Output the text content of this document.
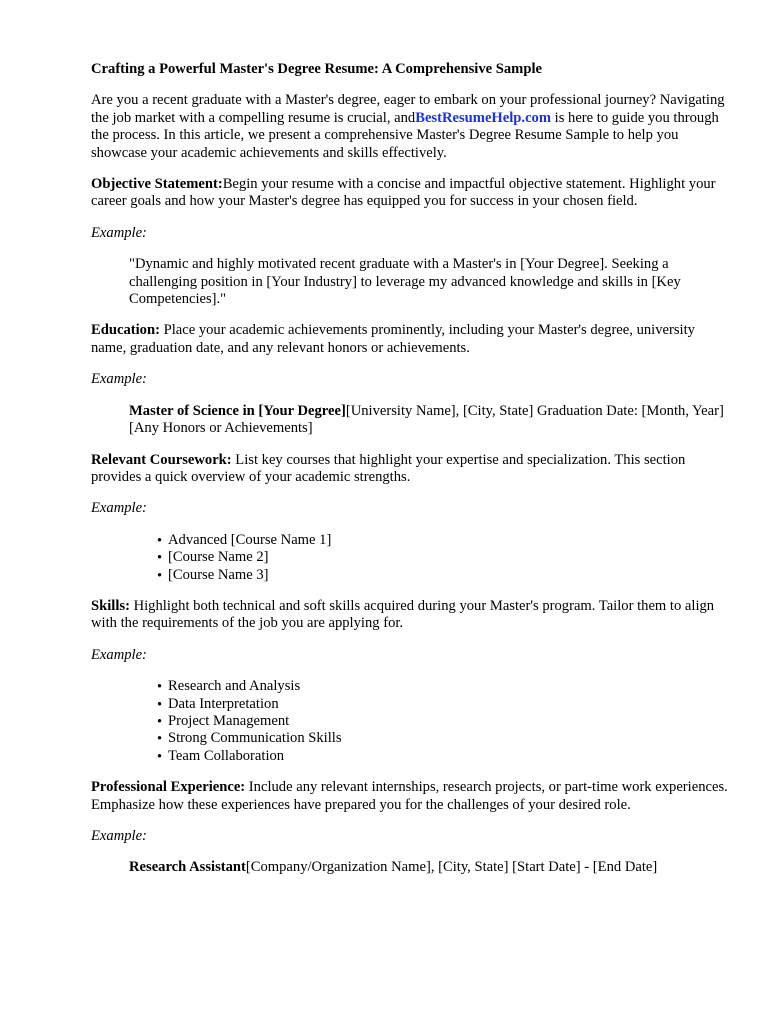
Crafting a Powerful Master's Degree Resume: A Comprehensive Sample

Are you a recent graduate with a Master's degree, eager to embark on your professional journey? Navigating the job market with a compelling resume is crucial, andBestResumeHelp.com is here to guide you through the process. In this article, we present a comprehensive Master's Degree Resume Sample to help you showcase your academic achievements and skills effectively.

Objective Statement:Begin your resume with a concise and impactful objective statement. Highlight your career goals and how your Master's degree has equipped you for success in your chosen field.

Example:
"Dynamic and highly motivated recent graduate with a Master's in [Your Degree]. Seeking a challenging position in [Your Industry] to leverage my advanced knowledge and skills in [Key Competencies]."

Education: Place your academic achievements prominently, including your Master's degree, university name, graduation date, and any relevant honors or achievements.

Example:
Master of Science in [Your Degree][University Name], [City, State] Graduation Date: [Month, Year] [Any Honors or Achievements]

Relevant Coursework: List key courses that highlight your expertise and specialization. This section provides a quick overview of your academic strengths.

Example:
• Advanced [Course Name 1]
• [Course Name 2]
• [Course Name 3]

Skills: Highlight both technical and soft skills acquired during your Master's program. Tailor them to align with the requirements of the job you are applying for.

Example:
• Research and Analysis
• Data Interpretation
• Project Management
• Strong Communication Skills
• Team Collaboration

Professional Experience: Include any relevant internships, research projects, or part-time work experiences. Emphasize how these experiences have prepared you for the challenges of your desired role.

Example:
Research Assistant[Company/Organization Name], [City, State] [Start Date] - [End Date]
